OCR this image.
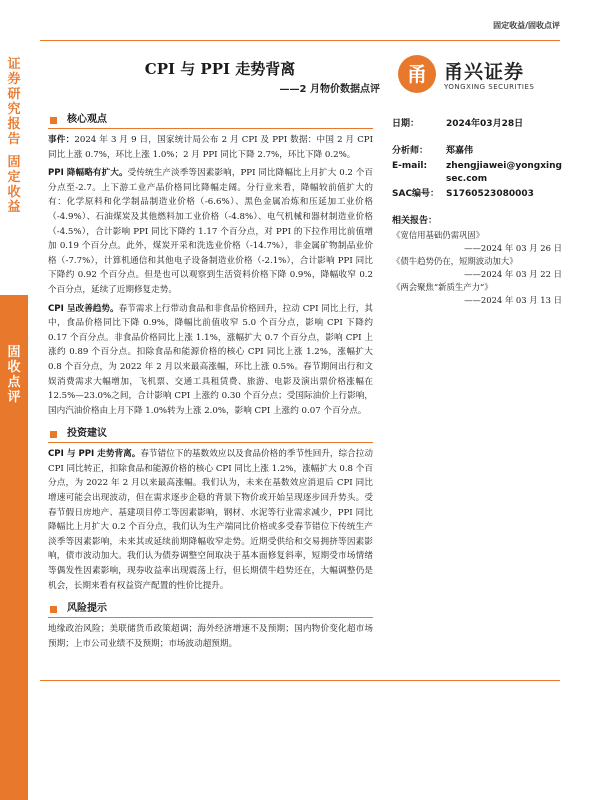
证券研究报告
固定收益
固收点评
固定收益/固收点评
CPI 与 PPI 走势背离
——2 月物价数据点评
甬 甬兴证券
YONGXING SECURITIES
核心观点

事件：2024 年 3 月 9 日，国家统计局公布 2 月 CPI 及 PPI 数据：中国 2 月 CPI 同比上涨 0.7%，环比上涨 1.0%；2 月 PPI 同比下降 2.7%，环比下降 0.2%。

PPI 降幅略有扩大。受传统生产淡季等因素影响，PPI 同比降幅比上月扩大 0.2 个百分点至-2.7。上下游工业产品价格同比降幅走阔。分行业来看，降幅较前值扩大的有：化学原料和化学制品制造业价格（-6.6%）、黑色金属冶炼和压延加工业价格（-4.9%）、石油煤炭及其他燃料加工业价格（-4.8%）、电气机械和器材制造业价格（-4.5%），合计影响 PPI 同比下降约 1.17 个百分点，对 PPI 的下拉作用比前值增加 0.19 个百分点。此外，煤炭开采和洗选业价格（-14.7%），非金属矿物制品业价格（-7.7%），计算机通信和其他电子设备制造业价格（-2.1%），合计影响 PPI 同比下降约 0.92 个百分点。但是也可以观察到生活资料价格下降 0.9%，降幅收窄 0.2 个百分点，延续了近期修复走势。

CPI 呈改善趋势。春节需求上行带动食品和非食品价格回升，拉动 CPI 同比上行，其中，食品价格同比下降 0.9%，降幅比前值收窄 5.0 个百分点，影响 CPI 下降约 0.17 个百分点。非食品价格同比上涨 1.1%，涨幅扩大 0.7 个百分点，影响 CPI 上涨约 0.89 个百分点。扣除食品和能源价格的核心 CPI 同比上涨 1.2%，涨幅扩大 0.8 个百分点，为 2022 年 2 月以来最高涨幅，环比上涨 0.5%。春节期间出行和文娱消费需求大幅增加，飞机票、交通工具租赁费、旅游、电影及演出票价格涨幅在 12.5%—23.0%之间，合计影响 CPI 上涨约 0.30 个百分点；受国际油价上行影响，国内汽油价格由上月下降 1.0%转为上涨 2.0%，影响 CPI 上涨约 0.07 个百分点。

投资建议

CPI 与 PPI 走势背离。春节错位下的基数效应以及食品价格的季节性回升，综合拉动 CPI 同比转正，扣除食品和能源价格的核心 CPI 同比上涨 1.2%，涨幅扩大 0.8 个百分点，为 2022 年 2 月以来最高涨幅。我们认为，未来在基数效应消退后 CPI 同比增速可能会出现波动，但在需求逐步企稳的背景下物价或开始呈现逐步回升势头。受春节假日房地产、基建项目停工等因素影响，钢材、水泥等行业需求减少，PPI 同比降幅比上月扩大 0.2 个百分点，我们认为生产端同比价格或多受春节错位下传统生产淡季等因素影响，未来其或延续前期降幅收窄走势。近期受供给和交易拥挤等因素影响，债市波动加大。我们认为债券调整空间取决于基本面修复斜率，短期受市场情绪等偶发性因素影响，现券收益率出现震荡上行，但长期债牛趋势还在，大幅调整仍是机会，长期来看有权益资产配置的性价比提升。

风险提示

地缘政治风险；美联储货币政策超调；海外经济增速不及预期；国内物价变化超市场预期；上市公司业绩不及预期；市场波动超预期。

日期：	2024年03月28日
分析师：	郑嘉伟
E-mail:	zhengjiawei@yongxingsec.com
SAC编号： S1760523080003
相关报告：
《宽信用基础仍需巩固》
——2024 年 03 月 26 日
《债牛趋势仍在，短期波动加大》
——2024 年 03 月 22 日
《两会聚焦“新质生产力”》
——2024 年 03 月 13 日
